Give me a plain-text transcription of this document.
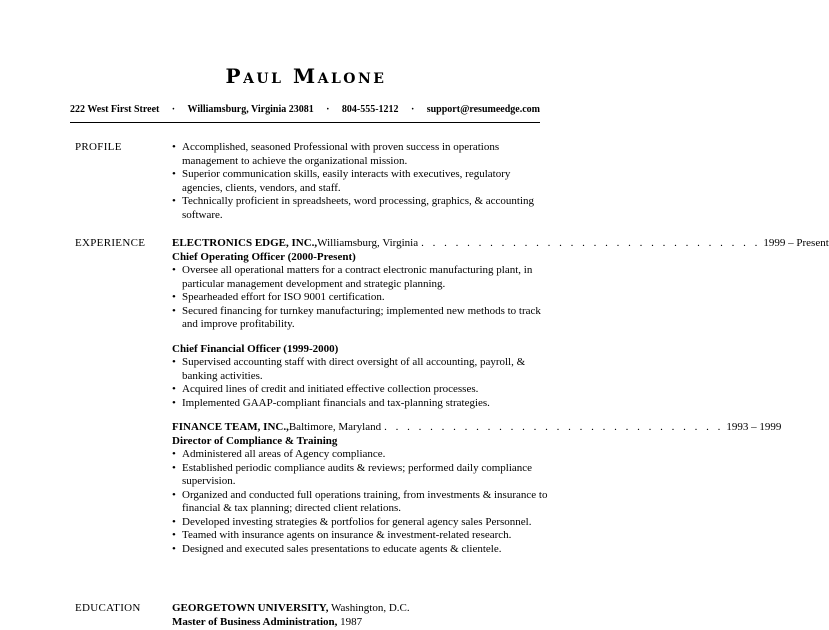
Paul Malone
222 West First Street · Williamsburg, Virginia 23081 · 804-555-1212 · support@resumeedge.com
PROFILE
•	Accomplished, seasoned Professional with proven success in operations management to achieve the organizational mission.
• Superior communication skills, easily interacts with executives, regulatory agencies, clients, vendors, and staff.
• Technically proficient in spreadsheets, word processing, graphics, & accounting software.
EXPERIENCE ELECTRONICS EDGE, INC., Williamsburg, Virginia . . . . . . . . . . . . . . . . . . . . . . . . . . . . . . 1999 – Present
Chief Operating Officer (2000-Present)
• Oversee all operational matters for a contract electronic manufacturing plant, in particular management development and strategic planning.
• Spearheaded effort for ISO 9001 certification.
• Secured financing for turnkey manufacturing; implemented new methods to track and improve profitability.
Chief Financial Officer (1999-2000)
• Supervised accounting staff with direct oversight of all accounting, payroll, & banking activities.
• Acquired lines of credit and initiated effective collection processes.
• Implemented GAAP-compliant financials and tax-planning strategies.
FINANCE TEAM, INC., Baltimore, Maryland . . . . . . . . . . . . . . . . . . . . . . . . . . . . . . 1993 – 1999
Director of Compliance & Training
• Administered all areas of Agency compliance.
• Established periodic compliance audits & reviews; performed daily compliance supervision.
• Organized and conducted full operations training, from investments & insurance to financial & tax planning; directed client relations.
• Developed investing strategies & portfolios for general agency sales Personnel.
• Teamed with insurance agents on insurance & investment-related research.
• Designed and executed sales presentations to educate agents & clientele.
EDUCATION	GEORGETOWN UNIVERSITY, Washington, D.C.
Master of Business Administration, 1987
